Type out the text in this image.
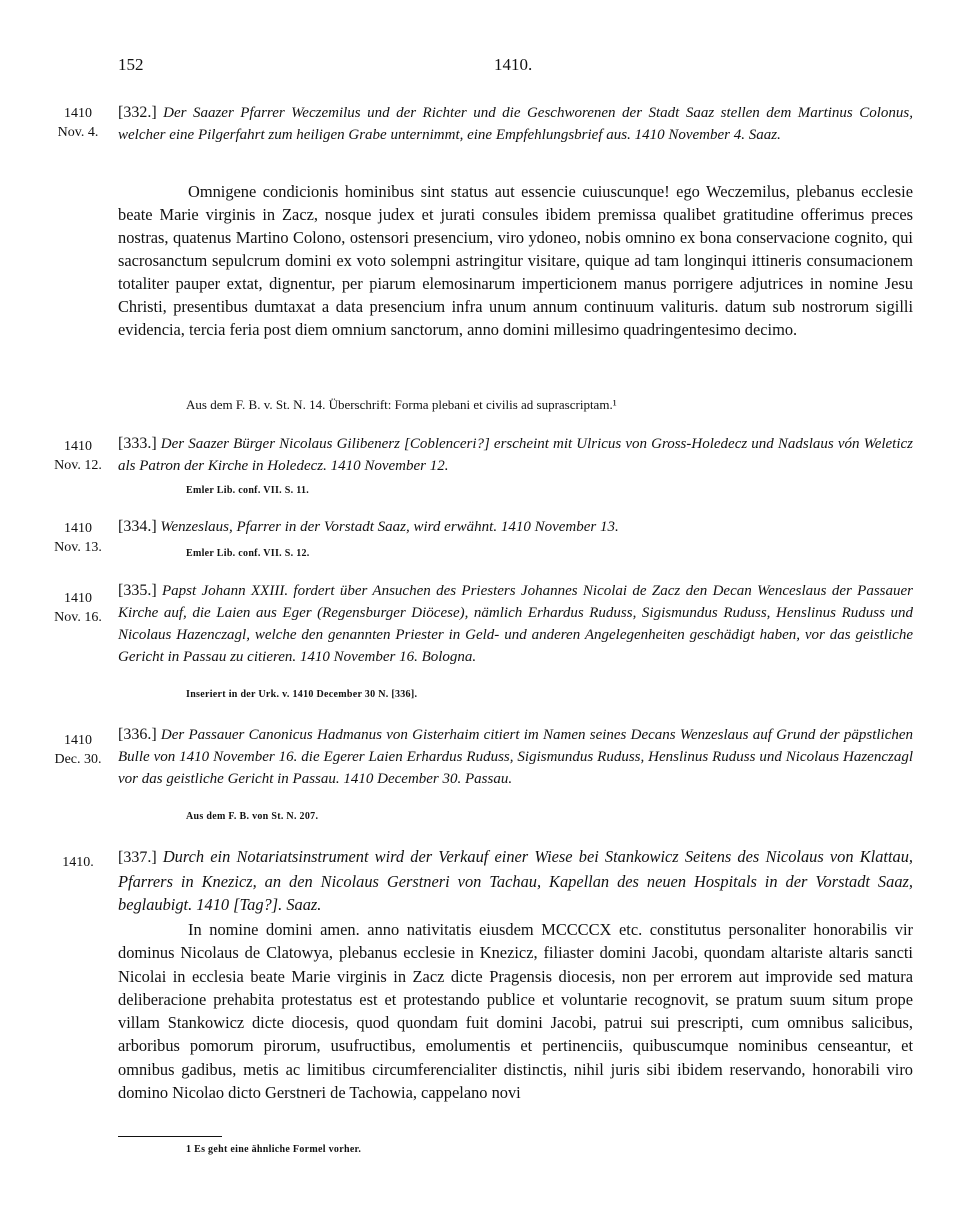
152	1410.
1410
Nov. 4.
[332.] Der Saazer Pfarrer Weczemilus und der Richter und die Geschworenen der Stadt Saaz stellen dem Martinus Colonus, welcher eine Pilgerfahrt zum heiligen Grabe unternimmt, eine Empfehlungsbrief aus. 1410 November 4. Saaz.
Omnigene condicionis hominibus sint status aut essencie cuiuscunque! ego Weczemilus, plebanus ecclesie beate Marie virginis in Zacz, nosque judex et jurati consules ibidem premissa qualibet gratitudine offerimus preces nostras, quatenus Martino Colono, ostensori presencium, viro ydoneo, nobis omnino ex bona conservacione cognito, qui sacrosanctum sepulcrum domini ex voto solempni astringitur visitare, quique ad tam longinqui ittineris consumacionem totaliter pauper extat, dignentur, per piarum elemosinarum imperticionem manus porrigere adjutrices in nomine Jesu Christi, presentibus dumtaxat a data presencium infra unum annum continuum valituris. datum sub nostrorum sigilli evidencia, tercia feria post diem omnium sanctorum, anno domini millesimo quadringentesimo decimo.
Aus dem F. B. v. St. N. 14. Überschrift: Forma plebani et civilis ad suprascriptam.¹
1410
Nov. 12.
[333.] Der Saazer Bürger Nicolaus Gilibenerz [Coblenceri?] erscheint mit Ulricus von Gross-Holedecz und Nadslaus vón Weleticz als Patron der Kirche in Holedecz. 1410 November 12.
Emler Lib. conf. VII. S. 11.
1410
Nov. 13.
[334.] Wenzeslaus, Pfarrer in der Vorstadt Saaz, wird erwähnt. 1410 November 13.
Emler Lib. conf. VII. S. 12.
1410
Nov. 16.
[335.] Papst Johann XXIII. fordert über Ansuchen des Priesters Johannes Nicolai de Zacz den Decan Wenceslaus der Passauer Kirche auf, die Laien aus Eger (Regensburger Diöcese), nämlich Erhardus Ruduss, Sigismundus Ruduss, Henslinus Ruduss und Nicolaus Hazenczagl, welche den genannten Priester in Geld- und anderen Angelegenheiten geschädigt haben, vor das geistliche Gericht in Passau zu citieren. 1410 November 16. Bologna.
Inseriert in der Urk. v. 1410 December 30 N. [336].
1410
Dec. 30.
[336.] Der Passauer Canonicus Hadmanus von Gisterhaim citiert im Namen seines Decans Wenzeslaus auf Grund der päpstlichen Bulle von 1410 November 16. die Egerer Laien Erhardus Ruduss, Sigismundus Ruduss, Henslinus Ruduss und Nicolaus Hazenczagl vor das geistliche Gericht in Passau. 1410 December 30. Passau.
Aus dem F. B. von St. N. 207.
1410.	[337.] Durch ein Notariatsinstrument wird der Verkauf einer Wiese bei Stankowicz Seitens des Nicolaus von Klattau, Pfarrers in Knezicz, an den Nicolaus Gerstneri von Tachau, Kapellan des neuen Hospitals in der Vorstadt Saaz, beglaubigt. 1410 [Tag?]. Saaz.
In nomine domini amen. anno nativitatis eiusdem MCCCCX etc. constitutus personaliter honorabilis vir dominus Nicolaus de Clatowya, plebanus ecclesie in Knezicz, filiaster domini Jacobi, quondam altariste altaris sancti Nicolai in ecclesia beate Marie virginis in Zacz dicte Pragensis diocesis, non per errorem aut improvide sed matura deliberacione prehabita protestatus est et protestando publice et voluntarie recognovit, se pratum suum situm prope villam Stankowicz dicte diocesis, quod quondam fuit domini Jacobi, patrui sui prescripti, cum omnibus salicibus, arboribus pomorum pirorum, usufructibus, emolumentis et pertinenciis, quibuscumque nominibus censeantur, et omnibus gadibus, metis ac limitibus circumferencialiter distinctis, nihil juris sibi ibidem reservando, honorabili viro domino Nicolao dicto Gerstneri de Tachowia, cappelano novi
1 Es geht eine ähnliche Formel vorher.
